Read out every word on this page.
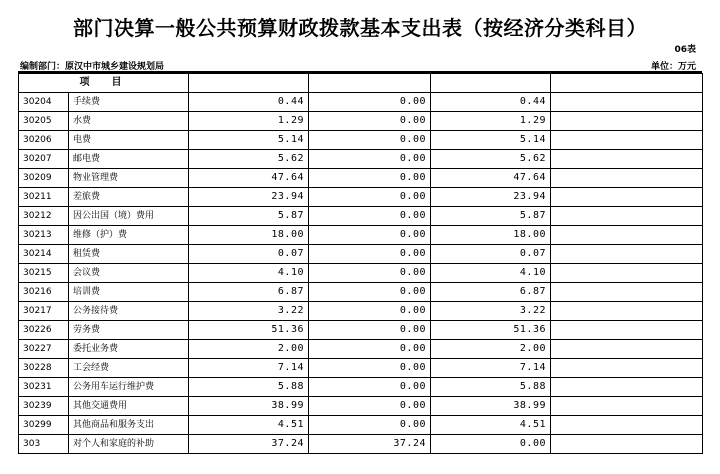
部门决算一般公共预算财政拨款基本支出表（按经济分类科目）
06表
编制部门：原汉中市城乡建设规划局	单位：万元
项　目					
30204	手续费	0.44	0.00	0.44	
30205	水费	1.29	0.00	1.29	
30206	电费	5.14	0.00	5.14	
30207	邮电费	5.62	0.00	5.62	
30209	物业管理费	47.64	0.00	47.64	
30211	差旅费	23.94	0.00	23.94	
30212	因公出国（境）费用	5.87	0.00	5.87	
30213	维修（护）费	18.00	0.00	18.00	
30214	租赁费	0.07	0.00	0.07	
30215	会议费	4.10	0.00	4.10	
30216	培训费	6.87	0.00	6.87	
30217	公务接待费	3.22	0.00	3.22	
30226	劳务费	51.36	0.00	51.36	
30227	委托业务费	2.00	0.00	2.00	
30228	工会经费	7.14	0.00	7.14	
30231	公务用车运行维护费	5.88	0.00	5.88	
30239	其他交通费用	38.99	0.00	38.99	
30299	其他商品和服务支出	4.51	0.00	4.51	
303	对个人和家庭的补助	37.24	37.24	0.00	
